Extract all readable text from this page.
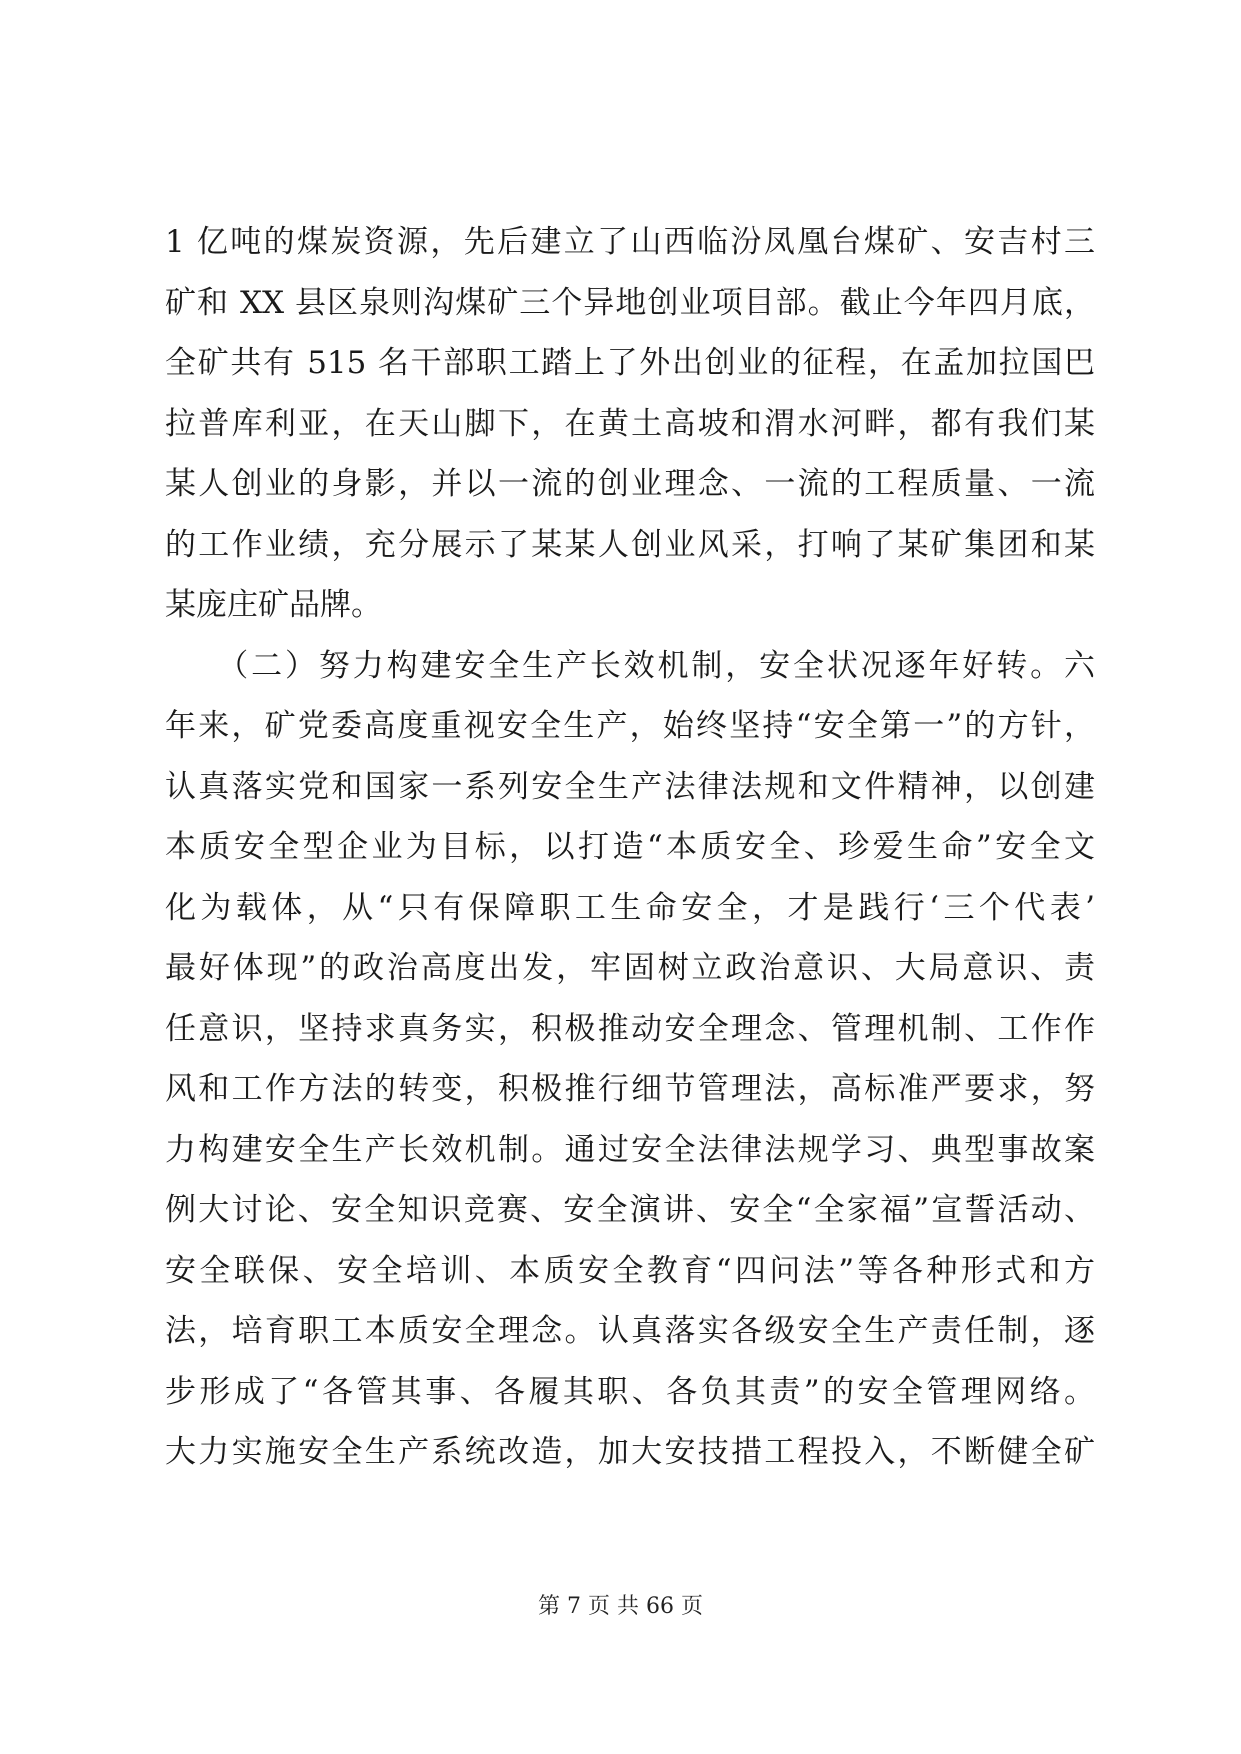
1 亿吨的煤炭资源，先后建立了山西临汾凤凰台煤矿、安吉村三
矿和 XX 县区泉则沟煤矿三个异地创业项目部。截止今年四月底，
全矿共有 515 名干部职工踏上了外出创业的征程，在孟加拉国巴
拉普库利亚，在天山脚下，在黄土高坡和渭水河畔，都有我们某
某人创业的身影，并以一流的创业理念、一流的工程质量、一流
的工作业绩，充分展示了某某人创业风采，打响了某矿集团和某
某庞庄矿品牌。
　　（二）努力构建安全生产长效机制，安全状况逐年好转。六
年来，矿党委高度重视安全生产，始终坚持“安全第一”的方针，
认真落实党和国家一系列安全生产法律法规和文件精神，以创建
本质安全型企业为目标，以打造“本质安全、珍爱生命”安全文
化为载体，从“只有保障职工生命安全，才是践行‘三个代表’
最好体现”的政治高度出发，牢固树立政治意识、大局意识、责
任意识，坚持求真务实，积极推动安全理念、管理机制、工作作
风和工作方法的转变，积极推行细节管理法，高标准严要求，努
力构建安全生产长效机制。通过安全法律法规学习、典型事故案
例大讨论、安全知识竞赛、安全演讲、安全“全家福”宣誓活动、
安全联保、安全培训、本质安全教育“四问法”等各种形式和方
法，培育职工本质安全理念。认真落实各级安全生产责任制，逐
步形成了“各管其事、各履其职、各负其责”的安全管理网络。
大力实施安全生产系统改造，加大安技措工程投入，不断健全矿
第 7 页 共 66 页
